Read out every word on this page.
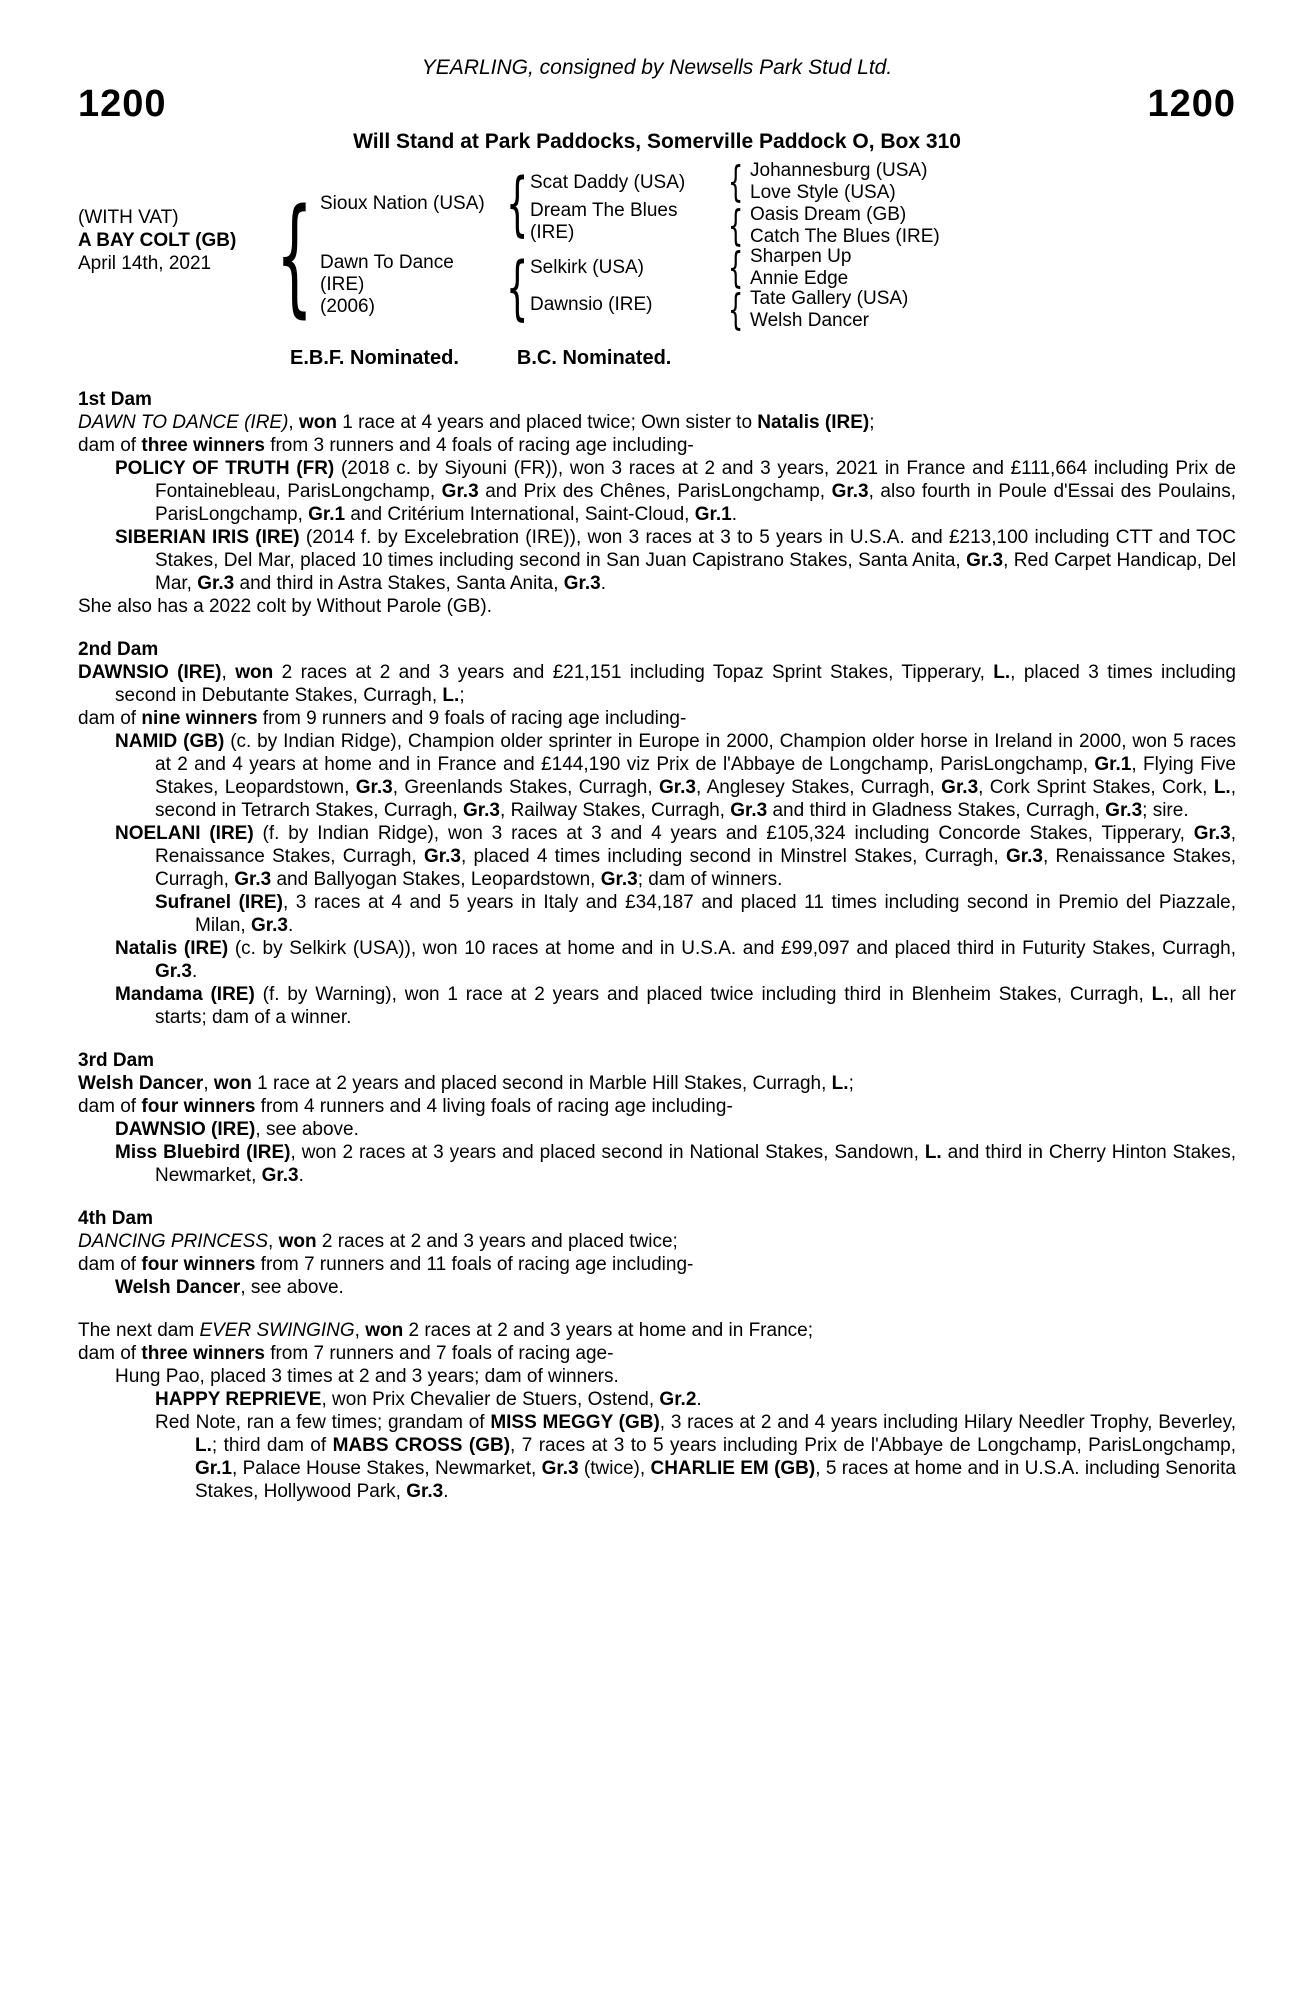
YEARLING, consigned by Newsells Park Stud Ltd.
1200	1200
Will Stand at Park Paddocks, Somerville Paddock O, Box 310
(WITH VAT)
A BAY COLT (GB)
April 14th, 2021 { Sioux Nation (USA)
Dawn To Dance
(IRE)
(2006)
{
{
Scat Daddy (USA)
Dream The Blues
(IRE)
Selkirk (USA)
Dawnsio (IRE)
{
{
{
{
Johannesburg (USA)
Love Style (USA)
Oasis Dream (GB)
Catch The Blues (IRE)
Sharpen Up
Annie Edge
Tate Gallery (USA)
Welsh Dancer
E.B.F. Nominated.	B.C. Nominated.
1st Dam
DAWN TO DANCE (IRE), won 1 race at 4 years and placed twice; Own sister to Natalis (IRE);
dam of three winners from 3 runners and 4 foals of racing age including-
POLICY OF TRUTH (FR) (2018 c. by Siyouni (FR)), won 3 races at 2 and 3 years, 2021 in France and £111,664 including Prix de Fontainebleau, ParisLongchamp, Gr.3 and Prix des Chênes, ParisLongchamp, Gr.3, also fourth in Poule d'Essai des Poulains, ParisLongchamp, Gr.1 and Critérium International, Saint-Cloud, Gr.1.
SIBERIAN IRIS (IRE) (2014 f. by Excelebration (IRE)), won 3 races at 3 to 5 years in U.S.A. and £213,100 including CTT and TOC Stakes, Del Mar, placed 10 times including second in San Juan Capistrano Stakes, Santa Anita, Gr.3, Red Carpet Handicap, Del Mar, Gr.3 and third in Astra Stakes, Santa Anita, Gr.3.
She also has a 2022 colt by Without Parole (GB).
2nd Dam
DAWNSIO (IRE), won 2 races at 2 and 3 years and £21,151 including Topaz Sprint Stakes, Tipperary, L., placed 3 times including second in Debutante Stakes, Curragh, L.;
dam of nine winners from 9 runners and 9 foals of racing age including-
NAMID (GB) (c. by Indian Ridge), Champion older sprinter in Europe in 2000, Champion older horse in Ireland in 2000, won 5 races at 2 and 4 years at home and in France and £144,190 viz Prix de l'Abbaye de Longchamp, ParisLongchamp, Gr.1, Flying Five Stakes, Leopardstown, Gr.3, Greenlands Stakes, Curragh, Gr.3, Anglesey Stakes, Curragh, Gr.3, Cork Sprint Stakes, Cork, L., second in Tetrarch Stakes, Curragh, Gr.3, Railway Stakes, Curragh, Gr.3 and third in Gladness Stakes, Curragh, Gr.3; sire.
NOELANI (IRE) (f. by Indian Ridge), won 3 races at 3 and 4 years and £105,324 including Concorde Stakes, Tipperary, Gr.3, Renaissance Stakes, Curragh, Gr.3, placed 4 times including second in Minstrel Stakes, Curragh, Gr.3, Renaissance Stakes, Curragh, Gr.3 and Ballyogan Stakes, Leopardstown, Gr.3; dam of winners.
Sufranel (IRE), 3 races at 4 and 5 years in Italy and £34,187 and placed 11 times including second in Premio del Piazzale, Milan, Gr.3.
Natalis (IRE) (c. by Selkirk (USA)), won 10 races at home and in U.S.A. and £99,097 and placed third in Futurity Stakes, Curragh, Gr.3.
Mandama (IRE) (f. by Warning), won 1 race at 2 years and placed twice including third in Blenheim Stakes, Curragh, L., all her starts; dam of a winner.
3rd Dam
Welsh Dancer, won 1 race at 2 years and placed second in Marble Hill Stakes, Curragh, L.;
dam of four winners from 4 runners and 4 living foals of racing age including-
DAWNSIO (IRE), see above.
Miss Bluebird (IRE), won 2 races at 3 years and placed second in National Stakes, Sandown, L. and third in Cherry Hinton Stakes, Newmarket, Gr.3.
4th Dam
DANCING PRINCESS, won 2 races at 2 and 3 years and placed twice;
dam of four winners from 7 runners and 11 foals of racing age including-
Welsh Dancer, see above.
The next dam EVER SWINGING, won 2 races at 2 and 3 years at home and in France;
dam of three winners from 7 runners and 7 foals of racing age-
Hung Pao, placed 3 times at 2 and 3 years; dam of winners.
HAPPY REPRIEVE, won Prix Chevalier de Stuers, Ostend, Gr.2.
Red Note, ran a few times; grandam of MISS MEGGY (GB), 3 races at 2 and 4 years including Hilary Needler Trophy, Beverley, L.; third dam of MABS CROSS (GB), 7 races at 3 to 5 years including Prix de l'Abbaye de Longchamp, ParisLongchamp, Gr.1, Palace House Stakes, Newmarket, Gr.3 (twice), CHARLIE EM (GB), 5 races at home and in U.S.A. including Senorita Stakes, Hollywood Park, Gr.3.
